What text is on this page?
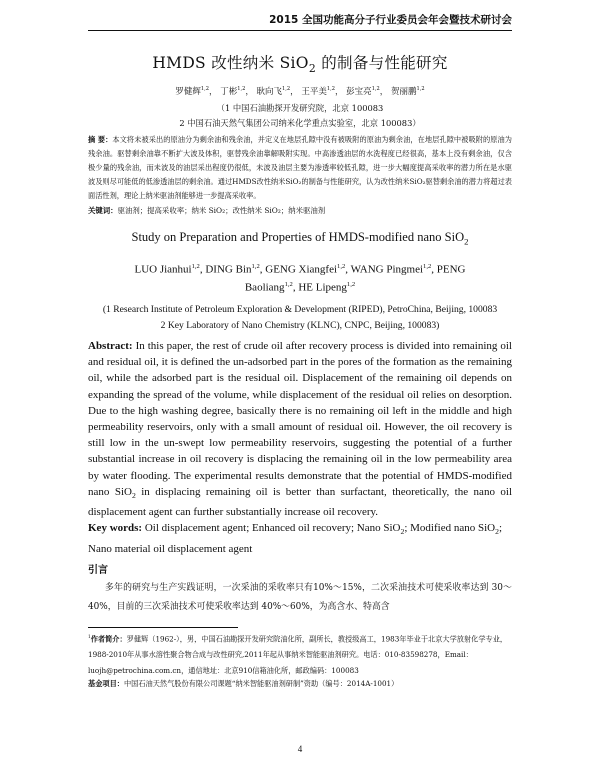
2015 全国功能高分子行业委员会年会暨技术研讨会
HMDS 改性纳米 SiO$_2$ 的制备与性能研究
罗健辉$^{1,2}$， 丁彬$^{1,2}$， 耿向飞$^{1,2}$， 王平美$^{1,2}$， 彭宝亮$^{1,2}$， 贺丽鹏$^{1,2}$
（1 中国石油勘探开发研究院，北京 100083
2 中国石油天然气集团公司纳米化学重点实验室，北京 100083）
摘 要：本文将未被采出的原油分为剩余油和残余油，并定义在地层孔隙中没有被吸附的原油为剩余油，在地层孔隙中被吸附的原油为残余油。驱替剩余油靠不断扩大波及体积，驱替残余油靠解吸附实现。中高渗透油层的水洗程度已经很高，基本上没有剩余油，仅含极少量的残余油，而未波及的油层采出程度仍很低，未波及油层主要为渗透率较低孔隙，进一步大幅度提高采收率的潜力所在是水驱波及则尽可能低的低渗透油层的剩余油。通过HMDS改性纳米SiO₂的制备与性能研究，认为改性纳米SiO₂驱替剩余油的潜力将超过表面活性剂，理论上纳米驱油剂能够进一步提高采收率。
关键词：驱油剂；提高采收率；纳米 SiO₂；改性纳米 SiO₂；纳米驱油剂
Study on Preparation and Properties of HMDS-modified nano SiO$_2$
LUO Jianhui$^{1,2}$, DING Bin$^{1,2}$, GENG Xiangfei$^{1,2}$, WANG Pingmei$^{1,2}$, PENG
Baoliang$^{1,2}$, HE Lipeng$^{1,2}$
(1 Research Institute of Petroleum Exploration & Development (RIPED), PetroChina, Beijing, 100083
2 Key Laboratory of Nano Chemistry (KLNC), CNPC, Beijing, 100083)
Abstract: In this paper, the rest of crude oil after recovery process is divided into remaining oil and residual oil, it is defined the un-adsorbed part in the pores of the formation as the remaining oil, while the adsorbed part is the residual oil. Displacement of the remaining oil depends on expanding the spread of the volume, while displacement of the residual oil relies on desorption. Due to the high washing degree, basically there is no remaining oil left in the middle and high permeability reservoirs, only with a small amount of residual oil. However, the oil recovery is still low in the un-swept low permeability reservoirs, suggesting the potential of a further substantial increase in oil recovery is displacing the remaining oil in the low permeability area by water flooding. The experimental results demonstrate that the potential of HMDS-modified nano SiO$_2$ in displacing remaining oil is better than surfactant, theoretically, the nano oil displacement agent can further substantially increase oil recovery.
Key words: Oil displacement agent; Enhanced oil recovery; Nano SiO$_2$; Modified nano SiO$_2$; Nano material oil displacement agent
引言
多年的研究与生产实践证明，一次采油的采收率只有10%～15%，二次采油技术可使采收率达到 30～40%，目前的三次采油技术可使采收率达到 40%～60%，为高含水、特高含
$^1$作者简介：罗健辉（1962-），男，中国石油勘探开发研究院油化所，副所长，教授级高工，1983年毕业于北京大学放射化学专业，1988-2010年从事水溶性聚合物合成与改性研究,2011年起从事纳米智能驱油剂研究。电话：010-83598278，Email：luojh@petrochina.com.cn，通信地址：北京910信箱油化所，邮政编码：100083
基金项目：中国石油天然气股份有限公司课题“纳米智能驱油剂研制”资助（编号：2014A-1001）
4
